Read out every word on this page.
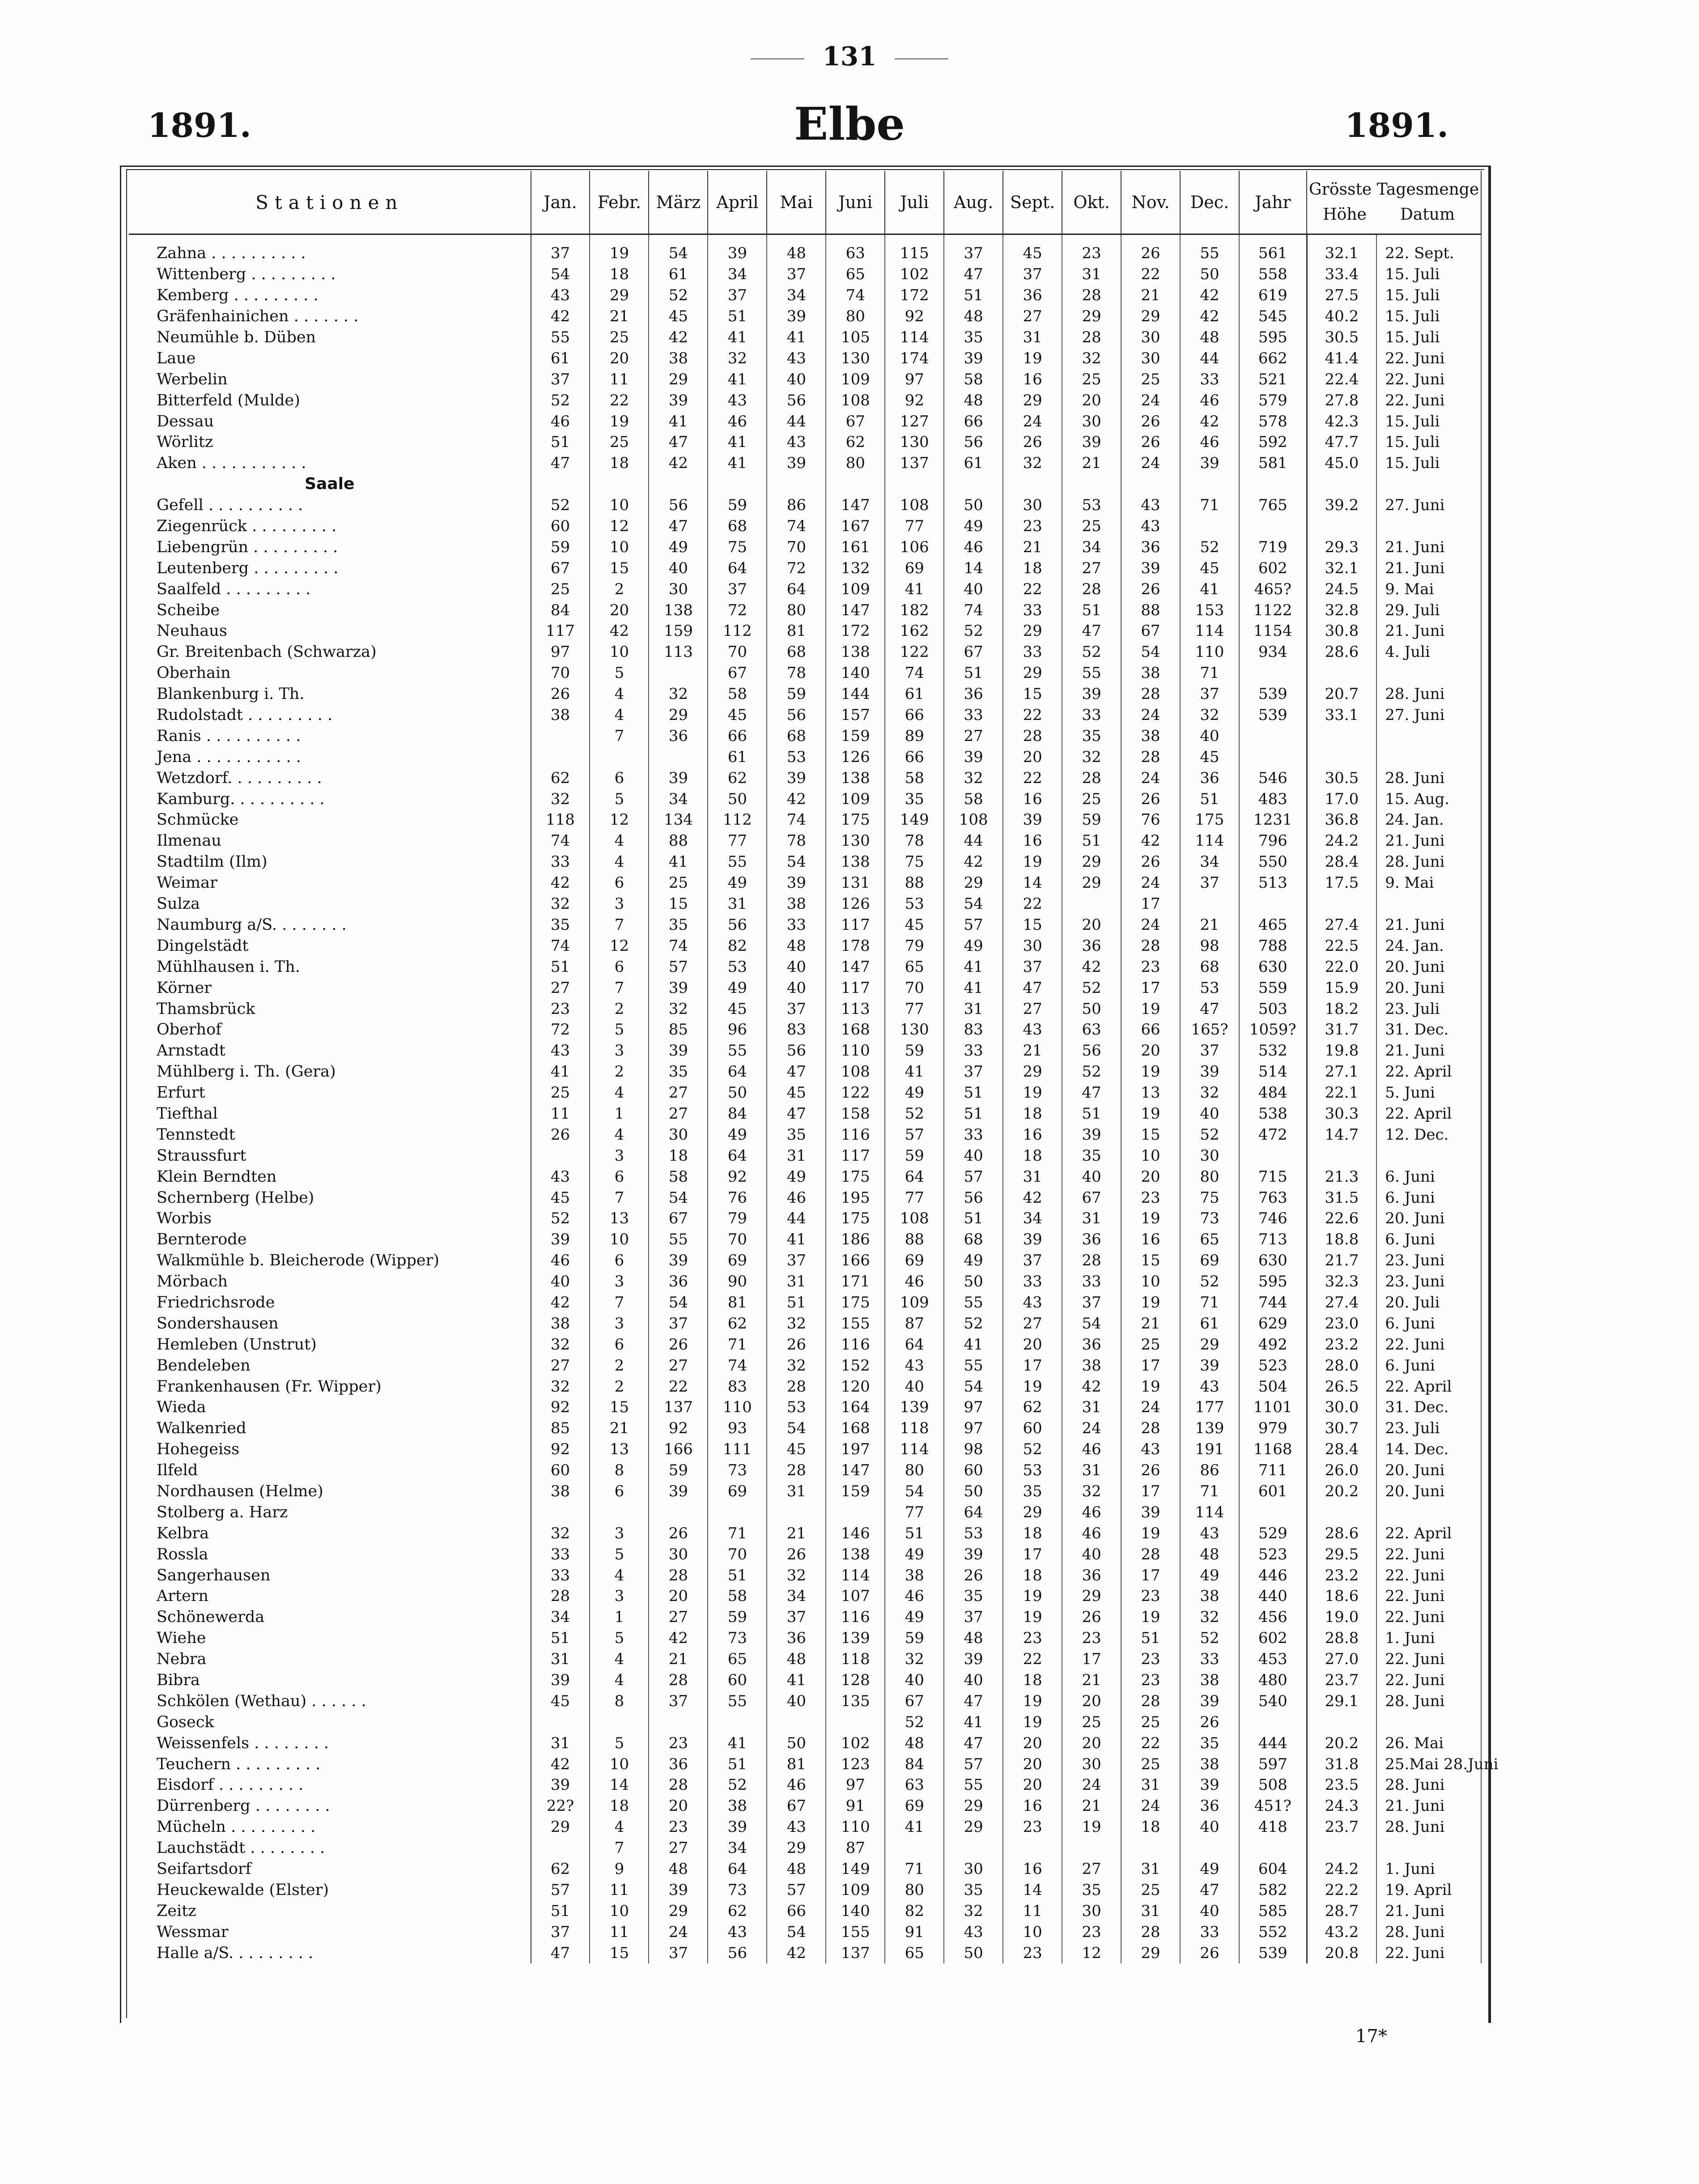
131
1891.	Elbe	1891.
Stationen	Jan.	Febr.	März	April	Mai	Juni	Juli	Aug.	Sept.	Okt.	Nov.	Dec.	Jahr	Grösste Tagesmenge
Höhe Datum	

Zahna . . . . . . . . . .	37	19	54	39	48	63	115	37	45	23	26	55	561	32.1	22. Sept.
Wittenberg . . . . . . . . .	54	18	61	34	37	65	102	47	37	31	22	50	558	33.4	15. Juli
Kemberg . . . . . . . . .	43	29	52	37	34	74	172	51	36	28	21	42	619	27.5	15. Juli
Gräfenhainichen . . . . . . .	42	21	45	51	39	80	92	48	27	29	29	42	545	40.2	15. Juli
Neumühle b. Düben	55	25	42	41	41	105	114	35	31	28	30	48	595	30.5	15. Juli
Laue	61	20	38	32	43	130	174	39	19	32	30	44	662	41.4	22. Juni
Werbelin	37	11	29	41	40	109	97	58	16	25	25	33	521	22.4	22. Juni
Bitterfeld (Mulde)	52	22	39	43	56	108	92	48	29	20	24	46	579	27.8	22. Juni
Dessau	46	19	41	46	44	67	127	66	24	30	26	42	578	42.3	15. Juli
Wörlitz	51	25	47	41	43	62	130	56	26	39	26	46	592	47.7	15. Juli
Aken . . . . . . . . . . .	47	18	42	41	39	80	137	61	32	21	24	39	581	45.0	15. Juli
Saale															
Gefell . . . . . . . . . .	52	10	56	59	86	147	108	50	30	53	43	71	765	39.2	27. Juni
Ziegenrück . . . . . . . . .	60	12	47	68	74	167	77	49	23	25	43				
Liebengrün . . . . . . . . .	59	10	49	75	70	161	106	46	21	34	36	52	719	29.3	21. Juni
Leutenberg . . . . . . . . .	67	15	40	64	72	132	69	14	18	27	39	45	602	32.1	21. Juni
Saalfeld . . . . . . . . .	25	2	30	37	64	109	41	40	22	28	26	41	465?	24.5	9. Mai
Scheibe	84	20	138	72	80	147	182	74	33	51	88	153	1122	32.8	29. Juli
Neuhaus	117	42	159	112	81	172	162	52	29	47	67	114	1154	30.8	21. Juni
Gr. Breitenbach (Schwarza)	97	10	113	70	68	138	122	67	33	52	54	110	934	28.6	4. Juli
Oberhain	70	5		67	78	140	74	51	29	55	38	71			
Blankenburg i. Th.	26	4	32	58	59	144	61	36	15	39	28	37	539	20.7	28. Juni
Rudolstadt . . . . . . . . .	38	4	29	45	56	157	66	33	22	33	24	32	539	33.1	27. Juni
Ranis . . . . . . . . . .		7	36	66	68	159	89	27	28	35	38	40			
Jena . . . . . . . . . . .				61	53	126	66	39	20	32	28	45			
Wetzdorf. . . . . . . . . .	62	6	39	62	39	138	58	32	22	28	24	36	546	30.5	28. Juni
Kamburg. . . . . . . . . .	32	5	34	50	42	109	35	58	16	25	26	51	483	17.0	15. Aug.
Schmücke	118	12	134	112	74	175	149	108	39	59	76	175	1231	36.8	24. Jan.
Ilmenau	74	4	88	77	78	130	78	44	16	51	42	114	796	24.2	21. Juni
Stadtilm (Ilm)	33	4	41	55	54	138	75	42	19	29	26	34	550	28.4	28. Juni
Weimar	42	6	25	49	39	131	88	29	14	29	24	37	513	17.5	9. Mai
Sulza	32	3	15	31	38	126	53	54	22		17				
Naumburg a/S. . . . . . . .	35	7	35	56	33	117	45	57	15	20	24	21	465	27.4	21. Juni
Dingelstädt	74	12	74	82	48	178	79	49	30	36	28	98	788	22.5	24. Jan.
Mühlhausen i. Th.	51	6	57	53	40	147	65	41	37	42	23	68	630	22.0	20. Juni
Körner	27	7	39	49	40	117	70	41	47	52	17	53	559	15.9	20. Juni
Thamsbrück	23	2	32	45	37	113	77	31	27	50	19	47	503	18.2	23. Juli
Oberhof	72	5	85	96	83	168	130	83	43	63	66	165?	1059?	31.7	31. Dec.
Arnstadt	43	3	39	55	56	110	59	33	21	56	20	37	532	19.8	21. Juni
Mühlberg i. Th. (Gera)	41	2	35	64	47	108	41	37	29	52	19	39	514	27.1	22. April
Erfurt	25	4	27	50	45	122	49	51	19	47	13	32	484	22.1	5. Juni
Tiefthal	11	1	27	84	47	158	52	51	18	51	19	40	538	30.3	22. April
Tennstedt	26	4	30	49	35	116	57	33	16	39	15	52	472	14.7	12. Dec.
Straussfurt		3	18	64	31	117	59	40	18	35	10	30			
Klein Berndten	43	6	58	92	49	175	64	57	31	40	20	80	715	21.3	6. Juni
Schernberg (Helbe)	45	7	54	76	46	195	77	56	42	67	23	75	763	31.5	6. Juni
Worbis	52	13	67	79	44	175	108	51	34	31	19	73	746	22.6	20. Juni
Bernterode	39	10	55	70	41	186	88	68	39	36	16	65	713	18.8	6. Juni
Walkmühle b. Bleicherode (Wipper)	46	6	39	69	37	166	69	49	37	28	15	69	630	21.7	23. Juni
Mörbach	40	3	36	90	31	171	46	50	33	33	10	52	595	32.3	23. Juni
Friedrichsrode	42	7	54	81	51	175	109	55	43	37	19	71	744	27.4	20. Juli
Sondershausen	38	3	37	62	32	155	87	52	27	54	21	61	629	23.0	6. Juni
Hemleben (Unstrut)	32	6	26	71	26	116	64	41	20	36	25	29	492	23.2	22. Juni
Bendeleben	27	2	27	74	32	152	43	55	17	38	17	39	523	28.0	6. Juni
Frankenhausen (Fr. Wipper)	32	2	22	83	28	120	40	54	19	42	19	43	504	26.5	22. April
Wieda	92	15	137	110	53	164	139	97	62	31	24	177	1101	30.0	31. Dec.
Walkenried	85	21	92	93	54	168	118	97	60	24	28	139	979	30.7	23. Juli
Hohegeiss	92	13	166	111	45	197	114	98	52	46	43	191	1168	28.4	14. Dec.
Ilfeld	60	8	59	73	28	147	80	60	53	31	26	86	711	26.0	20. Juni
Nordhausen (Helme)	38	6	39	69	31	159	54	50	35	32	17	71	601	20.2	20. Juni
Stolberg a. Harz							77	64	29	46	39	114			
Kelbra	32	3	26	71	21	146	51	53	18	46	19	43	529	28.6	22. April
Rossla	33	5	30	70	26	138	49	39	17	40	28	48	523	29.5	22. Juni
Sangerhausen	33	4	28	51	32	114	38	26	18	36	17	49	446	23.2	22. Juni
Artern	28	3	20	58	34	107	46	35	19	29	23	38	440	18.6	22. Juni
Schönewerda	34	1	27	59	37	116	49	37	19	26	19	32	456	19.0	22. Juni
Wiehe	51	5	42	73	36	139	59	48	23	23	51	52	602	28.8	1. Juni
Nebra	31	4	21	65	48	118	32	39	22	17	23	33	453	27.0	22. Juni
Bibra	39	4	28	60	41	128	40	40	18	21	23	38	480	23.7	22. Juni
Schkölen (Wethau) . . . . . .	45	8	37	55	40	135	67	47	19	20	28	39	540	29.1	28. Juni
Goseck							52	41	19	25	25	26			
Weissenfels . . . . . . . .	31	5	23	41	50	102	48	47	20	20	22	35	444	20.2	26. Mai
Teuchern . . . . . . . . .	42	10	36	51	81	123	84	57	20	30	25	38	597	31.8	25.Mai 28.Juni
Eisdorf . . . . . . . . .	39	14	28	52	46	97	63	55	20	24	31	39	508	23.5	28. Juni
Dürrenberg . . . . . . . .	22?	18	20	38	67	91	69	29	16	21	24	36	451?	24.3	21. Juni
Mücheln . . . . . . . . .	29	4	23	39	43	110	41	29	23	19	18	40	418	23.7	28. Juni
Lauchstädt . . . . . . . .		7	27	34	29	87									
Seifartsdorf	62	9	48	64	48	149	71	30	16	27	31	49	604	24.2	1. Juni
Heuckewalde (Elster)	57	11	39	73	57	109	80	35	14	35	25	47	582	22.2	19. April
Zeitz	51	10	29	62	66	140	82	32	11	30	31	40	585	28.7	21. Juni
Wessmar	37	11	24	43	54	155	91	43	10	23	28	33	552	43.2	28. Juni
Halle a/S. . . . . . . . .	47	15	37	56	42	137	65	50	23	12	29	26	539	20.8	22. Juni
17*
